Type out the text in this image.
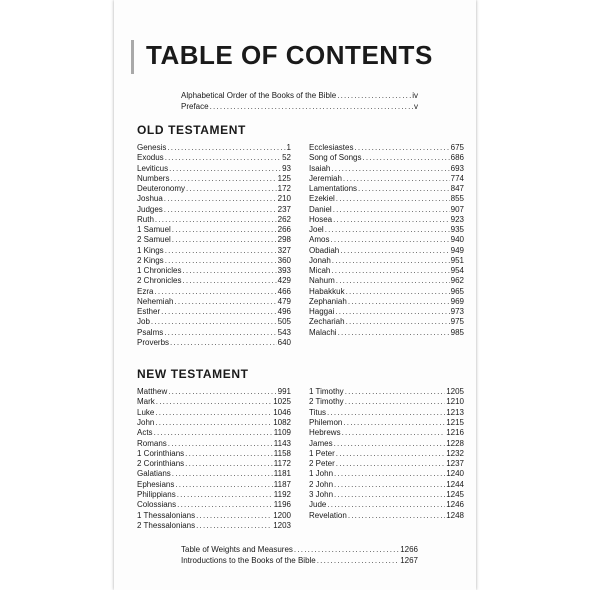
TABLE OF CONTENTS
OLD TESTAMENT
NEW TESTAMENT
Alphabetical Order of the Books of the Bible .....	iv
Preface .....	v
Genesis .....	1
Exodus .....	52
Leviticus .....	93
Numbers .....	125
Deuteronomy .....	172
Joshua .....	210
Judges .....	237
Ruth .....	262
1 Samuel .....	266
2 Samuel .....	298
1 Kings .....	327
2 Kings .....	360
1 Chronicles .....	393
2 Chronicles .....	429
Ezra .....	466
Nehemiah .....	479
Esther .....	496
Job .....	505
Psalms .....	543
Proverbs .....	640
Ecclesiastes .....	675
Song of Songs .....	686
Isaiah .....	693
Jeremiah .....	774
Lamentations .....	847
Ezekiel .....	855
Daniel .....	907
Hosea .....	923
Joel .....	935
Amos .....	940
Obadiah .....	949
Jonah .....	951
Micah .....	954
Nahum .....	962
Habakkuk .....	965
Zephaniah .....	969
Haggai .....	973
Zechariah .....	975
Malachi .....	985
Matthew .....	991
Mark .....	1025
Luke .....	1046
John .....	1082
Acts .....	1109
Romans .....	1143
1 Corinthians .....	1158
2 Corinthians .....	1172
Galatians .....	1181
Ephesians .....	1187
Philippians .....	1192
Colossians .....	1196
1 Thessalonians .....	1200
2 Thessalonians .....	1203
1 Timothy .....	1205
2 Timothy .....	1210
Titus .....	1213
Philemon .....	1215
Hebrews .....	1216
James .....	1228
1 Peter .....	1232
2 Peter .....	1237
1 John .....	1240
2 John .....	1244
3 John .....	1245
Jude .....	1246
Revelation .....	1248
Table of Weights and Measures .....	1266
Introductions to the Books of the Bible .....	1267
